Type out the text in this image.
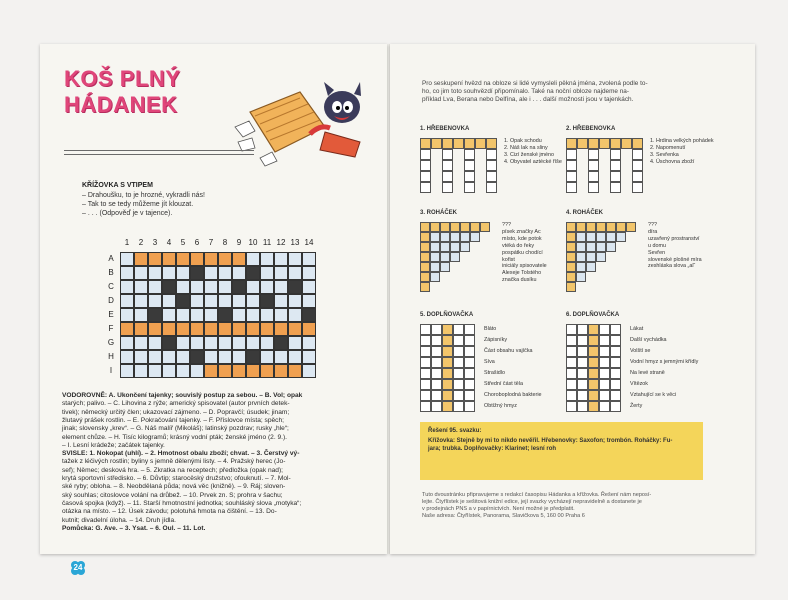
KOŠ PLNÝ
HÁDANEK
KŘÍŽOVKA S VTIPEM
– Drahoušku, to je hrozné, vykradli nás!
– Tak to se tedy můžeme jít klouzat.
– . . . (Odpověď je v tajence).
1	2	3	4	5	6	7	8	9 10 11 12 13 14
A
B
C
D
E
F
G
H
I
VODOROVNĚ: A. Ukončení tajenky; souvislý postup za sebou. – B. Vol; opak
starých; palivo. – C. Lihovina z rýže; americký spisovatel (autor prvních detek-
tivek); německý určitý člen; ukazovací zájmeno. – D. Popravčí; úsudek; jinam;
žlutavý prášek rostlin. – E. Pokračování tajenky. – F. Příslovce místa; spěch;
jinak; slovensky „krev“. – G. Náš malíř (Mikoláš); latinský pozdrav; rusky „hle“;
element chůze. – H. Tisíc kilogramů; krásný vodní pták; ženské jméno (2. 9.).
– I. Lesní krádeže; začátek tajenky.
SVISLE: 1. Nokopat (uhlí). – 2. Hmotnost obalu zboží; chvat. – 3. Čerstvý vý-
tažek z léčivých rostlin; byliny s jemně dělenými listy. – 4. Pražský herec (Jo-
sef); Němec; desková hra. – 5. Zkratka na receptech; předložka (opak nad);
krytá sportovní středisko. – 6. Důvtip; starocěský družstvo; ofouknutí. – 7. Mol-
ské ryby; obloha. – 8. Neobdělaná půda; nová věc (knižně). – 9. Ráj; sloven-
ský souhlas; citoslovce volání na drůbež. – 10. Prvek zn. S; prohra v šachu;
časová spojka (když). – 11. Starší hmotnostní jednotka; souhláský slova „motyka“;
otázka na místo. – 12. Úsek závodu; polotuhá hmota na čištění. – 13. Do-
kutnit; divadelní úloha. – 14. Druh jídla.
Pomůcka: G. Ave. – 3. Ysat. – 6. Oul. – 11. Lot.
24
Pro seskupení hvězd na obloze si lidé vymysleli pěkná jména, zvolená podle to-
ho, co jim toto souhvězdí připomínalo. Také na noční obloze najdeme na-
příklad Lva, Berana nebo Delfína, ale i . . . další možnosti jsou v tajenkách.
1. HŘEBENOVKA
1. Opak schodu
2. Náš lak na sliny
3. Cizí ženské jméno
4. Obyvatel aztécké říše
2. HŘEBENOVKA
1. Hrdina velkých pohádek
2. Napomenutí
3. Sevřenka
4. Úschovna zboží
3. ROHÁČEK
???
písek značky Ac
místo, kde potok
vtéká do řeky
pospátku chodící
kořist
iniciály spisovatele
Alexeje Tolstého
značka dusíku
4. ROHÁČEK
???
díra
uzavřený prostranství
u domu
Sevřen
slovenské plošné míra
zeshláska slova „al“
5. DOPLŇOVAČKA
Bláto
Zápisníky
Část obsahu vajíčka
Síva
Strašidlo
Střední část těla
Choroboplodná bakterie
Obtížný hmyz
6. DOPLŇOVAČKA
Lákat
Další vychádka
Volští se
Vodní hmyz s jemnými křídly
Na levé straně
Vítězok
Vztahující se k věci
Žerty
Řešení 95. svazku:
Křížovka: Stejně by mi to nikdo nevěřil. Hřebenovky: Saxofon; trombón. Roháčky: Fu-
jara; trubka. Doplňovačky: Klarinet; lesní roh
Tuto dvoustránku připravujeme s redakcí časopisu Hádanka a křížovka. Řešení nám neposí-
lejte. Čtyřlístek je sešitová knižní edice, její svazky vycházejí nepravidelně a dostanete je
v prodejnách PNS a v papírnictvích. Není možné je předplatit.
Naše adresa: Čtyřlístek, Panorama, Slavičkova 5, 160 00 Praha 6
